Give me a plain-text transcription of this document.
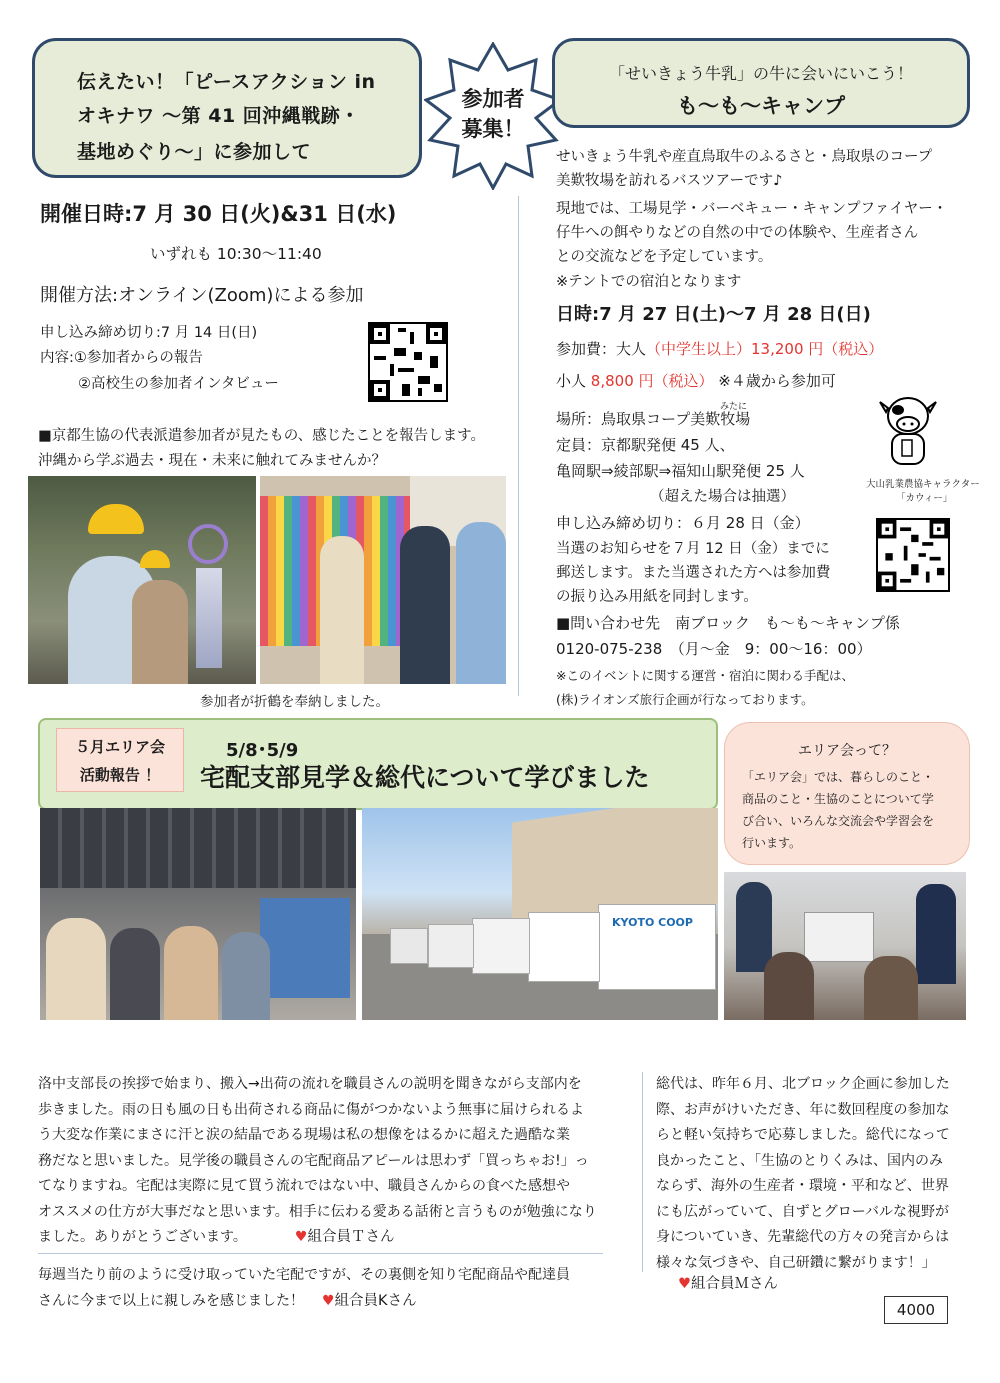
伝えたい！「ピースアクション in
オキナワ ～第 41 回沖縄戦跡・
基地めぐり～」に参加して
参加者
募集！
「せいきょう牛乳」の牛に会いにいこう！
も～も～キャンプ
開催日時:7 月 30 日(火)&31 日(水)
いずれも 10:30～11:40
開催方法:オンライン(Zoom)による参加
申し込み締め切り:7 月 14 日(日)
内容:①参加者からの報告
②高校生の参加者インタビュー
■京都生協の代表派遣参加者が見たもの、感じたことを報告します。
沖縄から学ぶ過去・現在・未来に触れてみませんか？
参加者が折鶴を奉納しました。
せいきょう牛乳や産直鳥取牛のふるさと・鳥取県のコープ
美歎牧場を訪れるバスツアーです♪
現地では、工場見学・バーベキュー・キャンプファイヤー・
仔牛への餌やりなどの自然の中での体験や、生産者さん
との交流などを予定しています。
※テントでの宿泊となります
日時:7 月 27 日(土)～7 月 28 日(日)
参加費：大人（中学生以上）13,200 円（税込）
小人 8,800 円（税込） ※４歳から参加可
みたに
場所：鳥取県コープ美歎牧場
定員：京都駅発便 45 人、
亀岡駅⇒綾部駅⇒福知山駅発便 25 人
（超えた場合は抽選）
申し込み締め切り：６月 28 日（金）
当選のお知らせを７月 12 日（金）までに
郵送します。また当選された方へは参加費
の振り込み用紙を同封します。
■問い合わせ先　南ブロック　も～も～キャンプ係
0120-075-238　（月～金　9：00～16：00）
※このイベントに関する運営・宿泊に関わる手配は、
(株)ライオンズ旅行企画が行なっております。
大山乳業農協キャラクター
「カウィー」
５月エリア会
活動報告 ！
5/8･5/9
宅配支部見学＆総代について学びました
エリア会って？
「エリア会」では、暮らしのこと・
商品のこと・生協のことについて学
び合い、いろんな交流会や学習会を
行います。
KYOTO COOP
洛中支部長の挨拶で始まり、搬入→出荷の流れを職員さんの説明を聞きながら支部内を
歩きました。雨の日も風の日も出荷される商品に傷がつかないよう無事に届けられるよ
う大変な作業にまさに汗と涙の結晶である現場は私の想像をはるかに超えた過酷な業
務だなと思いました。見学後の職員さんの宅配商品アピールは思わず「買っちゃお!」っ
てなりますね。宅配は実際に見て買う流れではない中、職員さんからの食べた感想や
オススメの仕方が大事だなと思います。相手に伝わる愛ある話術と言うものが勉強になり
ました。ありがとうございます。	♥組合員Ｔさん
毎週当たり前のように受け取っていた宅配ですが、その裏側を知り宅配商品や配達員
さんに今まで以上に親しみを感じました！ ♥組合員Kさん
総代は、昨年６月、北ブロック企画に参加した
際、お声がけいただき、年に数回程度の参加な
らと軽い気持ちで応募しました。総代になって
良かったこと、「生協のとりくみは、国内のみ
ならず、海外の生産者・環境・平和など、世界
にも広がっていて、自ずとグローバルな視野が
身についていき、先輩総代の方々の発言からは
様々な気づきや、自己研鑽に繋がります！」
♥組合員Ｍさん
4000
